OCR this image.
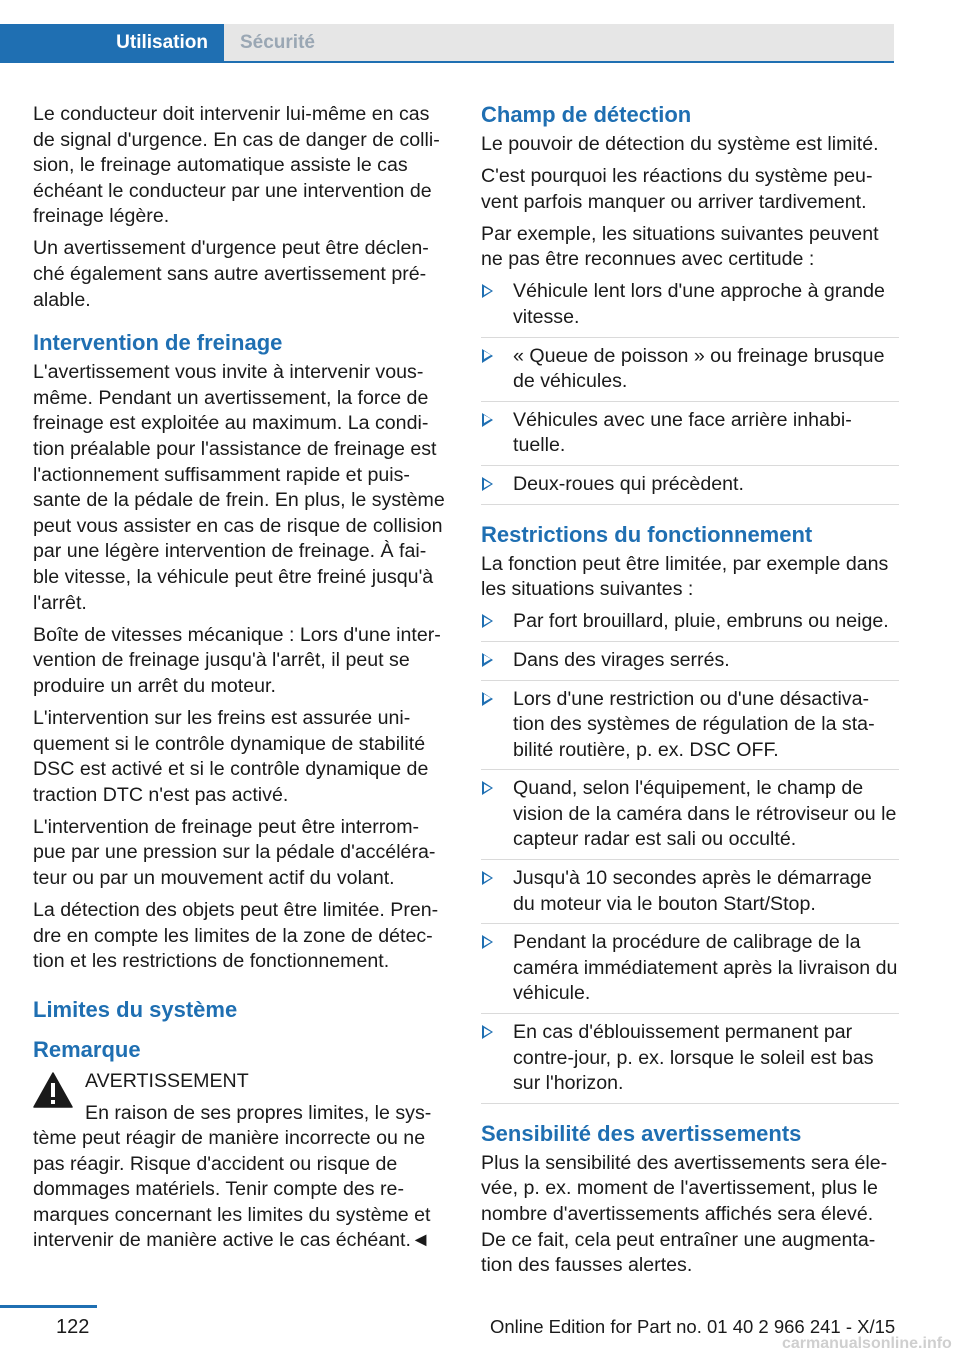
Utilisation	Sécurité

Le conducteur doit intervenir lui-même en cas de signal d'urgence. En cas de danger de colli-sion, le freinage automatique assiste le cas échéant le conducteur par une intervention de freinage légère.

Un avertissement d'urgence peut être déclen-ché également sans autre avertissement pré-alable.

Intervention de freinage

L'avertissement vous invite à intervenir vous-même. Pendant un avertissement, la force de freinage est exploitée au maximum. La condi-tion préalable pour l'assistance de freinage est l'actionnement suffisamment rapide et puis-sante de la pédale de frein. En plus, le système peut vous assister en cas de risque de collision par une légère intervention de freinage. À fai-ble vitesse, la véhicule peut être freiné jusqu'à l'arrêt.

Boîte de vitesses mécanique : Lors d'une inter-vention de freinage jusqu'à l'arrêt, il peut se produire un arrêt du moteur.

L'intervention sur les freins est assurée uni-quement si le contrôle dynamique de stabilité DSC est activé et si le contrôle dynamique de traction DTC n'est pas activé.

L'intervention de freinage peut être interrom-pue par une pression sur la pédale d'accéléra-teur ou par un mouvement actif du volant.

La détection des objets peut être limitée. Pren-dre en compte les limites de la zone de détec-tion et les restrictions de fonctionnement.

Limites du système
Remarque
AVERTISSEMENT
En raison de ses propres limites, le sys-
tème peut réagir de manière incorrecte ou ne pas réagir. Risque d'accident ou risque de dommages matériels. Tenir compte des re-marques concernant les limites du système et intervenir de manière active le cas échéant.◄
Champ de détection

Le pouvoir de détection du système est limité.

C'est pourquoi les réactions du système peu-vent parfois manquer ou arriver tardivement.

Par exemple, les situations suivantes peuvent ne pas être reconnues avec certitude :

Véhicule lent lors d'une approche à grande vitesse.
« Queue de poisson » ou freinage brusque de véhicules.
Véhicules avec une face arrière inhabi-tuelle.
Deux-roues qui précèdent.
Restrictions du fonctionnement

La fonction peut être limitée, par exemple dans les situations suivantes :

Par fort brouillard, pluie, embruns ou neige.
Dans des virages serrés.
Lors d'une restriction ou d'une désactiva-tion des systèmes de régulation de la sta-bilité routière, p. ex. DSC OFF.
Quand, selon l'équipement, le champ de vision de la caméra dans le rétroviseur ou le capteur radar est sali ou occulté.
Jusqu'à 10 secondes après le démarrage du moteur via le bouton Start/Stop.
Pendant la procédure de calibrage de la caméra immédiatement après la livraison du véhicule.
En cas d'éblouissement permanent par contre-jour, p. ex. lorsque le soleil est bas sur l'horizon.
Sensibilité des avertissements

Plus la sensibilité des avertissements sera éle-vée, p. ex. moment de l'avertissement, plus le nombre d'avertissements affichés sera élevé. De ce fait, cela peut entraîner une augmenta-tion des fausses alertes.

122	Online Edition for Part no. 01 40 2 966 241 - X/15
carmanualsonline.info
